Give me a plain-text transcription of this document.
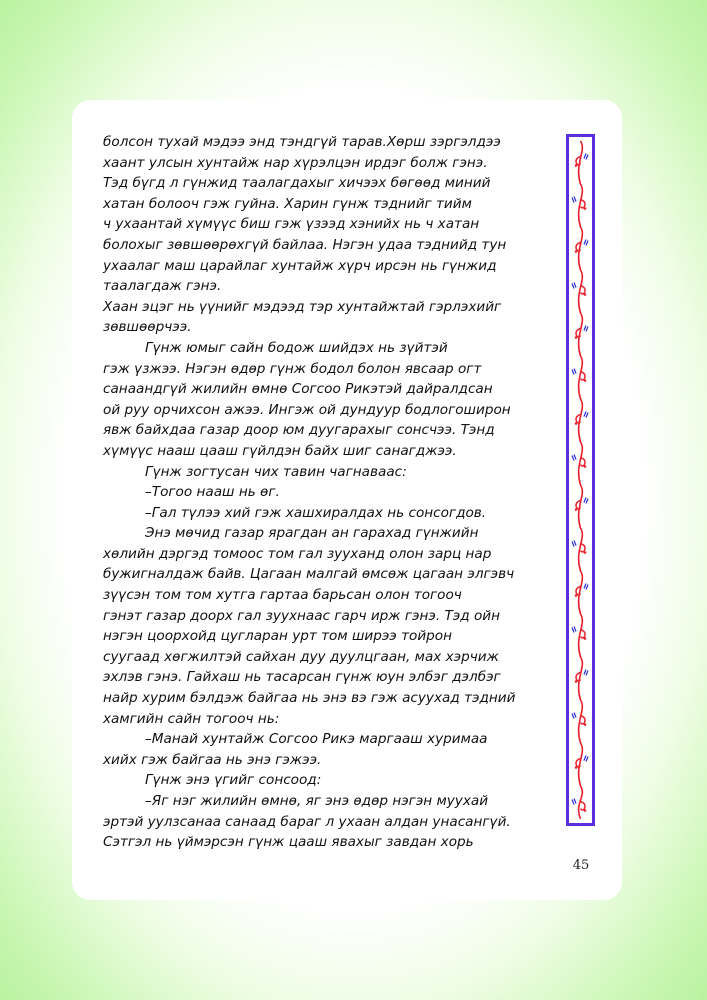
болсон тухай мэдээ энд тэндгүй тарав.Хөрш зэргэлдээ
хаант улсын хунтайж нар хүрэлцэн ирдэг болж гэнэ.
Тэд бүгд л гүнжид таалагдахыг хичээх бөгөөд миний
хатан болооч гэж гуйна. Харин гүнж тэднийг тийм
ч ухаантай хүмүүс биш гэж үзээд хэнийх нь ч хатан
болохыг зөвшөөрөхгүй байлаа. Нэгэн удаа тэднийд тун
ухаалаг маш царайлаг хунтайж хүрч ирсэн нь гүнжид
таалагдаж гэнэ.
Хаан эцэг нь үүнийг мэдээд тэр хунтайжтай гэрлэхийг
зөвшөөрчээ.
Гүнж юмыг сайн бодож шийдэх нь зүйтэй
гэж үзжээ. Нэгэн өдөр гүнж бодол болон явсаар огт
санаандгүй жилийн өмнө Согсоо Рикэтэй дайралдсан
ой руу орчихсон ажээ. Ингэж ой дундуур бодлогоширон
явж байхдаа газар доор юм дуугарахыг сонсчээ. Тэнд
хүмүүс нааш цааш гүйлдэн байх шиг санагджээ.
Гүнж зогтусан чих тавин чагнаваас:
–Тогоо нааш нь өг.
–Гал түлээ хий гэж хашхиралдах нь сонсогдов.
Энэ мөчид газар ярагдан ан гарахад гүнжийн
хөлийн дэргэд томоос том гал зууханд олон зарц нар
бужигналдаж байв. Цагаан малгай өмсөж цагаан элгэвч
зүүсэн том том хутга гартаа барьсан олон тогооч
гэнэт газар доорх гал зуухнаас гарч ирж гэнэ. Тэд ойн
нэгэн цоорхойд цугларан урт том ширээ тойрон
суугаад хөгжилтэй сайхан дуу дуулцгаан, мах хэрчиж
эхлэв гэнэ. Гайхаш нь тасарсан гүнж юун элбэг дэлбэг
найр хурим бэлдэж байгаа нь энэ вэ гэж асуухад тэдний
хамгийн сайн тогооч нь:
–Манай хунтайж Согсоо Рикэ маргааш хуримаа
хийх гэж байгаа нь энэ гэжээ.
Гүнж энэ үгийг сонсоод:
–Яг нэг жилийн өмнө, яг энэ өдөр нэгэн муухай
эртэй уулзсанаа санаад бараг л ухаан алдан унасангүй.
Сэтгэл нь үймэрсэн гүнж цааш явахыг завдан хорь
45
